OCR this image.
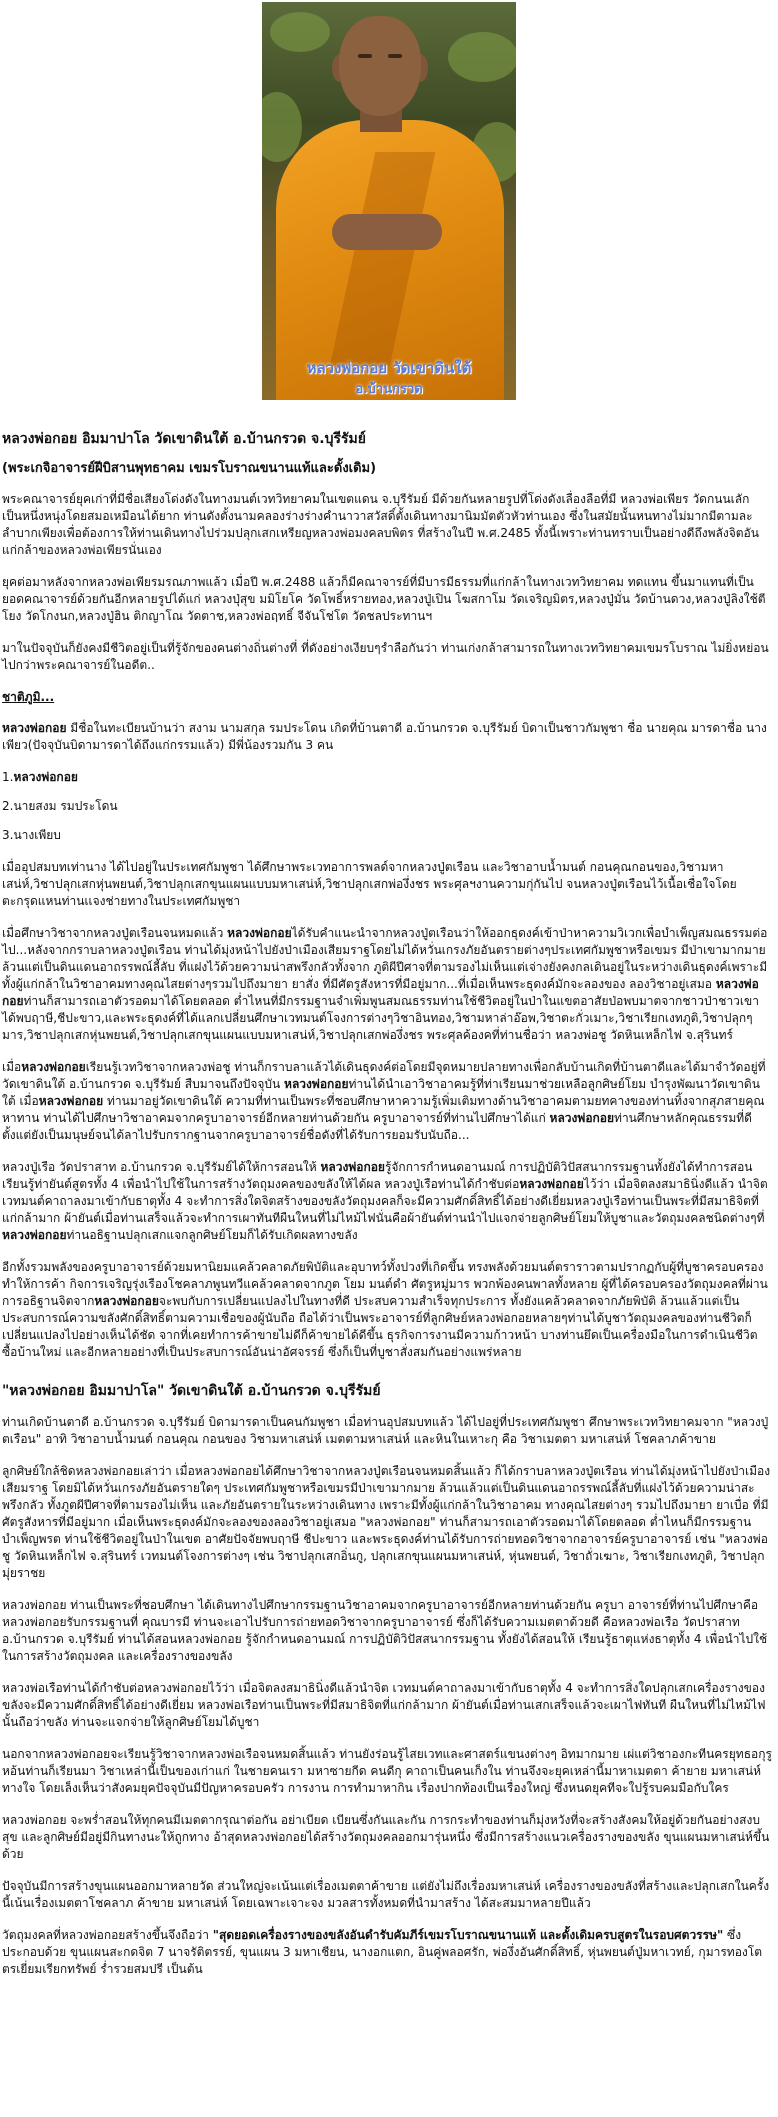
หลวงพ่อกอย วัดเขาดินใต้
อ.บ้านกรวด
หลวงพ่อกอย อิมมาปาโล วัดเขาดินใต้ อ.บ้านกรวด จ.บุรีรัมย์
(พระเกจิอาจารย์ฝีบิสานพุทธาคม เขมรโบราณขนานแท้และดั้งเดิม)

พระคณาจารย์ยุคเก่าที่มีชื่อเสียงโด่งดังในทางมนต์เวทวิทยาคมในเขตแดน จ.บุรีรัมย์ มีด้วยกันหลายรูปที่โด่งดังเลื่องลือที่มี หลวงพ่อเพียร วัดกนนเลัก เป็นหนึ่งหนุ่งโดยสมอเหมือนได้ยาก ท่านดังตั้งนามคลองร่างร่างคำนาวาสวัสดิ์ตั้งเดินทางมานิมมัตตัวหัวท่านเอง ซึ่งในสมัยนั้นหนทางไม่มากมีตามละลำบากเพียงเพื่อต้องการให้ท่านเดินทางไปร่วมปลุกเสกเหรียญหลวงพ่อมงคลบพิตร ที่สร้างในปี พ.ศ.2485 ทั้งนี้เพราะท่านทราบเป็นอย่างดีถึงพลังจิตอันแก่กล้าของหลวงพ่อเพียรนั่นเอง

ยุคต่อมาหลังจากหลวงพ่อเพียรมรณภาพแล้ว เมื่อปี พ.ศ.2488 แล้วก็มีคณาจารย์ที่มีบารมีธรรมที่แก่กล้าในทางเวทวิทยาคม ทดแทน ขึ้นมาแทนที่เป็นยอดคณาจารย์ด้วยกันอีกหลายรูปได้แก่ หลวงปุ่สุข มมิโยโค วัดโพธิ์หรายทอง,หลวงปู่เปิน โฆสกาโม วัดเจริญมิตร,หลวงปู่มั่น วัดบ้านดวง,หลวงปู่ลิงใช้ตีโยง วัดโกงนก,หลวงปู่ฮิน ติกญาโณ วัดตาช,หลวงพ่อฤทธิ์ จีจันโช่โต วัดชลประทานฯ

มาในปัจจุบันก็ยังคงมีชีวิตอยู่เป็นที่รู้จักของคนต่างถิ่นต่างที่ ที่ดังอย่างเงียบๆรำลือกันว่า ท่านเก่งกล้าสามารถในทางเวทวิทยาคมเขมรโบราณ ไม่ยิ่งหย่อนไปกว่าพระคณาจารย์ในอดีต..

ชาติภูมิ...

หลวงพ่อกอย มีชื่อในทะเบียนบ้านว่า สงาม นามสกุล รมประโดน เกิดที่บ้านตาดี อ.บ้านกรวด จ.บุรีรัมย์ บิดาเป็นชาวกัมพูชา ชื่อ นายคุณ มารดาชื่อ นางเพียว(ปัจจุบันบิดามารดาได้ถึงแก่กรรมแล้ว) มีพี่น้องรวมกัน 3 คน

1.หลวงพ่อกอย
2.นายสงม รมประโดน
3.นางเพียบ

เมื่ออุปสมบทเท่านาง ได้ไปอยู่ในประเทศกัมพูชา ได้ศึกษาพระเวทอาการพลด์จากหลวงปู่ตเรือน และวิชาอาบน้ำมนต์ กอนคุณกอนของ,วิชามหาเสน่ห์,วิชาปลุกเสกหุ่นพยนต์,วิชาปลุกเสกขุนแผนแบบมหาเสน่ห์,วิชาปลุกเสกพ่องึ่งชร พระศุลฯงานความกุ่กันไป จนหลวงปู่ตเรือนไว้เนื้อเชื่อใจโดยตะกรุดแหนท่านเเจงช่ายทางในประเทศกัมพูชา

เมื่อศึกษาวิชาจากหลวงปู่ตเรือนจนหมดแล้ว หลวงพ่อกอยได้รับคำแนะนำจากหลวงปู่ตเรือนว่าให้ออกธุดงค์เข้าป่าหาความวิเวกเพื่อบำเพ็ญสมณธรรมต่อไป...หลังจากกราบลาหลวงปู่ตเรือน ท่านได้มุ่งหน้าไปยังป่าเมืองเสียมราฐโดยไม่ได้หวั่นเกรงภัยอันตรายต่างๆประเทศกัมพูชาหรือเขมร มีป่าเขามากมายล้วนแต่เป็นดินแดนอาถรรพณ์ลี้ลับ ที่แฝงไว้ด้วยความน่าสพรึงกลัวทั้งจาก ภูติผีปีศาจที่ตามรองไม่เห็นแต่เจ่างยังคงกลเดินอยู่ในระหว่างเดินธุดงค์เพราะมีทั้งผู้แก่กล้าในวิชาอาคมทางคุณไสยต่างๆรวมไปถึงมายา ยาสั่ง ที่มีศัตรูสังหารที่มีอยู่มาก...ที่เมื่อเห็นพระธุดงค์มักจะลองของ ลองวิชาอยู่เสมอ หลวงพ่อกอยท่านก็สามารถเอาตัวรอดมาได้โดยตลอด ต่ำไหนที่มีกรรมฐานจำเพิ่มพูนสมณธรรมท่านใช้ชีวิตอยู่ในป่าในแขตอาสัยป่อพบมาตจากชาวป่าชาวเขาได้พบฤาษี,ชีปะขาว,และพระธุดงค์ที่ได้แลกเปลี่ยนศึกษาเวทมนต์โจงการต่างๆวิชาอินทอง,วิชามหาล่าอ๊อพ,วิชาตะกั่วเมาะ,วิชาเรียกเงทภูติ,วิชาปลุกๆมาร,วิชาปลุกเสกหุ่นพยนต์,วิชาปลุกเสกขุนแผนแบบมหาเสน่ห์,วิชาปลุกเสกพ่องึ่งชร พระศุลค้องคที่ท่านชื่อว่า หลวงพ่อชู วัดหินเหล็กไฟ จ.สุรินทร์

เมื่อหลวงพ่อกอยเรียนรู้เวทวิชาจากหลวงพ่อชู ท่านก็กราบลาแล้วได้เดินธุดงค์ต่อโดยมีจุดหมายปลายทางเพื่อกลับบ้านเกิดที่บ้านตาดีและได้มาจำวัดอยู่ที่วัดเขาดินใต้ อ.บ้านกรวด จ.บุรีรัมย์ สืบมาจนถึงปัจจุบัน หลวงพ่อกอยท่านได้นำเอาวิชาอาคมรู้ที่ท่าเรียนมาช่วยเหลือลูกศิษย์โยม บำรุงพัฒนาวัดเขาดินใต้ เมื่อหลวงพ่อกอย ท่านมาอยู่วัดเขาดินใต้ ความที่ท่านเป็นพระที่ชอบศึกษาหาความรู้เพิ่มเติมทางด้านวิชาอาคมตามยทคางของท่านทิ้งจากสุภสายคุณหาทาน ท่านได้ไปศึกษาวิชาอาคมจากครูบาอาจารย์อีกหลายท่านด้วยกัน ครูบาอาจารย์ที่ท่านไปศึกษาได้แก่ หลวงพ่อกอยท่านศึกษาหลักคุณธรรมที่ดีตั้งแต่ยังเป็นมนุษย์จนได้ลาไปรับกรากฐานจากครูบาอาจารย์ชื่อดังที่ได้รับการยอมรับนับถือ...

หลวงปู่เรือ วัดปราสาท อ.บ้านกรวด จ.บุรีรัมย์ได้ให้การสอนให้ หลวงพ่อกอยรู้จักการกำหนดอานมณ์ การปฏิบัติวิปัสสนากรรมฐานทั้งยังได้ทำการสอนเรียนรู้ท่ายันต์สูตรทั้ง 4 เพื่อนำไปใช้ในการสร้างวัตถุมงคลของขลังให้ได้ผล หลวงปู่เรือท่านได้กำชับต่อหลวงพ่อกอยไว้ว่า เมื่อจิตลงสมาธินิ่งดีแล้ว นำจิตเวทมนต์คาถาลงมาเข้ากับธาตุทั้ง 4 จะทำการสิ่งใดจิตสร้างของขลังวัตถุมงคลก็จะมีความศักดิ์สิทธิ์ได้อย่างดีเยี่ยมหลวงปู่เรือท่านเป็นพระที่มีสมาธิจิตที่แก่กล้ามาก ผ้ายันต์เมื่อท่านเสร็จแล้วจะทำการเผาทันทีผืนใหนที่ไม่ไหม้ไฟนั่นคือผ้ายันต์ท่านนำไปแจกจ่ายลูกศิษย์โยมให้บูชาและวัตถุมงคลชนิดต่างๆที่หลวงพ่อกอยท่านอธิฐานปลุกเสกแจกลูกศิษย์โยมก็ได้รับเกิดผลทางขลัง

อีกทั้งรวมพลังของครูบาอาจารย์ด้วยมหานิยมแคล้วคลาดภัยพิบัติและอุบาทว์ทั้งปวงที่เกิดขึ้น ทรงพลังด้วยมนต์ตราราวตามปรากฏกับผู้ที่บูชาครอบครองทำให้การค้า กิจการเจริญรุ่งเรืองโชคลาภพูนทวีแคล้วคลาดจากภูต โยม มนต์ดำ ศัตรูหมู่มาร พวกพ้องคนพาลทั้งหลาย ผู้ที่ได้ครอบครองวัตถุมงคลที่ผ่านการอธิฐานจิตจากหลวงพ่อกอยจะพบกับการเปลี่ยนแปลงไปในทางที่ดี ประสบความสำเร็จทุกประการ ทั้งยังแคล้วคลาดจากภัยพิบัติ ล้วนแล้วแต่เป็นประสบการณ์ความขลังศักดิ์สิทธิ์ตามความเชื่อของผู้นับถือ ถือได้ว่าเป็นพระอาจารย์ที่ลูกศิษย์หลวงพ่อกอยหลายๆท่านได้บูชาวัตถุมงคลของท่านชีวิตก็เปลี่ยนแปลงไปอย่างเห็นได้ชัด จากที่เคยทำการค้าขายไม่ดีก็ค้าขายได้ดีขึ้น ธุรกิจการงานมีความก้าวหน้า บางท่านยึดเป็นเครื่องมือในการดำเนินชีวิต ซื้อบ้านใหม่ และอีกหลายอย่างที่เป็นประสบการณ์อันน่าอัศจรรย์ ซึ่งก็เป็นที่บูชาสั่งสมกันอย่างแพร่หลาย

"หลวงพ่อกอย อิมมาปาโล" วัดเขาดินใต้ อ.บ้านกรวด จ.บุรีรัมย์

ท่านเกิดบ้านตาดี อ.บ้านกรวด จ.บุรีรัมย์ บิดามารดาเป็นคนกัมพูชา เมื่อท่านอุปสมบทแล้ว ได้ไปอยู่ที่ประเทศกัมพูชา ศึกษาพระเวทวิทยาคมจาก "หลวงปู่ตเรือน" อาทิ วิชาอาบน้ำมนต์ กอนคุณ กอนของ วิชามหาเสน่ห์ เมตตามหาเสน่ห์ และหินในเหาะกุ คือ วิชาเมตตา มหาเสน่ห์ โชคลาภค้าขาย

ลูกศิษย์ใกล้ชิดหลวงพ่อกอยเล่าว่า เมื่อหลวงพ่อกอยได้ศึกษาวิชาจากหลวงปู่ตเรือนจนหมดสิ้นแล้ว ก็ได้กราบลาหลวงปู่ตเรือน ท่านได้มุ่งหน้าไปยังป่าเมืองเสียมราฐ โดยมิได้หวั่นเกรงภัยอันตรายใดๆ ประเทศกัมพูชาหรือเขมรมีป่าเขามากมาย ล้วนแล้วแต่เป็นดินแดนอาถรรพณ์ลี้ลับที่แฝงไว้ด้วยความน่าสะพรึงกลัว ทั้งภูตผีปีศาจที่ตามรองไม่เห็น และภัยอันตรายในระหว่างเดินทาง เพราะมีทั้งผู้แก่กล้าในวิชาอาคม ทางคุณไสยต่างๆ รวมไปถึงมายา ยาเบื่อ ที่มีศัตรูสังหารที่มีอยู่มาก เมื่อเห็นพระธุดงค์มักจะลองของลองวิชาอยู่เสมอ "หลวงพ่อกอย" ท่านก็สามารถเอาตัวรอดมาได้โดยตลอด ต่ำไหนก็มีกรรมฐานบำเพ็ญพรต ท่านใช้ชีวิตอยู่ในป่าในเขต อาศัยปัจจัยพบฤาษี ชีปะขาว และพระธุดงค์ท่านได้รับการถ่ายทอดวิชาจากอาจารย์ครูบาอาจารย์ เช่น "หลวงพ่อชู วัดหินเหล็กไฟ จ.สุรินทร์ เวทมนต์โจงการต่างๆ เช่น วิชาปลุกเสกอิ่นกู, ปลุกเสกขุนแผนมหาเสน่ห์, หุ่นพยนต์, วิชาถั่วเฆาะ, วิชาเรียกเงทภูติ, วิชาปลุกมุ่ยราชย

หลวงพ่อกอย ท่านเป็นพระที่ชอบศึกษา ได้เดินทางไปศึกษากรรมฐานวิชาอาคมจากครูบาอาจารย์อีกหลายท่านด้วยกัน ครูบา อาจารย์ที่ท่านไปศึกษาคือ หลวงพ่อกอยรับกรรมฐานที่ คุณบารมี ท่านจะเอาไปรับการถ่ายทอดวิชาจากครูบาอาจารย์ ซึ่งก็ได้รับความเมตตาด้วยดี คือหลวงพ่อเรือ วัดปราสาท อ.บ้านกรวด จ.บุรีรัมย์ ท่านได้สอนหลวงพ่อกอย รู้จักกำหนดอานมณ์ การปฏิบัติวิปัสสนากรรมฐาน ทั้งยังได้สอนให้ เรียนรู้ธาตุแห่งธาตุทั้ง 4 เพื่อนำไปใช้ในการสร้างวัตถุมงคล และเครื่องรางของขลัง

หลวงพ่อเรือท่านได้กำชับต่อหลวงพ่อกอยไว้ว่า เมื่อจิตลงสมาธินิ่งดีแล้วนำจิต เวทมนต์คาถาลงมาเข้ากับธาตุทั้ง 4 จะทำการสิ่งใดปลุกเสกเครื่องรางของขลังจะมีความศักดิ์สิทธิ์ได้อย่างดีเยี่ยม หลวงพ่อเรือท่านเป็นพระที่มีสมาธิจิตที่แก่กล้ามาก ผ้ายันต์เมื่อท่านเสกเสร็จแล้วจะเผาไฟทันที ผืนใหนที่ไม่ไหม้ไฟนั้นถือว่าขลัง ท่านจะแจกจ่ายให้ลูกศิษย์โยมได้บูชา

นอกจากหลวงพ่อกอยจะเรียนรู้วิชาจากหลวงพ่อเรือจนหมดสิ้นแล้ว ท่านยังร่อนรู้ไสยเวทและศาสตร์แขนงต่างๆ อิทมากมาย เผ่แต่วิชาองกะทีนครยุทธอกุรูหอ้นท่านก็เรียนมา วิชาเหล่านี้เป็นของเก่าแก่ ในชายคนเรา มหาซายกีด คนดีกุ คาถาเป็นคนเก็งใน ท่านจึงจะยุคเหล่านี้มาหาเมตตา ค้ายาย มหาเสน่ห์ทางใจ โดยเล็งเห็นว่าสังคมยุคปัจจุบันมีปัญหาครอบครัว การงาน การทำมาหากิน เรื่องปากท้องเป็นเรื่องใหญ่ ซึ่งหนดยุคทีจะใปรู้รบคมมือกับใคร

หลวงพ่อกอย จะพร่ำสอนให้ทุกคนมีเมตตากรุณาต่อกัน อย่าเบียด เบียนซึ่งกันและกัน การกระทำของท่านก็มุ่งหวังที่จะสร้างสังคมให้อยู่ด้วยกันอย่างสงบสุข และลูกศิษย์มีอยู่มีกินทางนะให้ถูกทาง อ้าสุดหลวงพ่อกอยได้สร้างวัตถุมงคลออกมารุ่นหนึ่ง ซึ่งมีการสร้างแนวเครื่องรางของขลัง ขุนแผนมหาเสน่ห์ขึ้นด้วย

ปัจจุบันมีการสร้างขุนแผนออกมาหลายวัด ส่วนใหญ่จะเน้นแต่เรื่องเมตตาค้าขาย แต่ยังไม่ถึงเรื่องมหาเสน่ห์ เครื่องรางของขลังที่สร้างและปลุกเสกในครั้งนี้เน้นเรื่องเมตตาโชคลาภ ค้าขาย มหาเสน่ห์ โดยเฉพาะเจาะจง มวลสารทั้งหมดที่นำมาสร้าง ได้สะสมมาหลายปีแล้ว

วัตถุมงคลที่หลวงพ่อกอยสร้างขึ้นจึงถือว่า "สุดยอดเครื่องรางของขลังอันดำรับคัมภีร์เขมรโบราณขนานแท้ และดั้งเดิมครบสูตรในรอบศตวรรษ" ซึ่งประกอบด้วย ขุนแผนสะกดจิต 7 นาจรัติตรรย์, ขุนแผน 3 มหาเชียน, นางอกแตก, อินคู่พลอศรัก, พ่องึ่งอันศักดิ์สิทธิ์, หุ่นพยนต์ปู่มหาเวทย์, กุมารทองโตตรเยี่ยมเรียกทรัพย์ ร่ำรวยสมปรี เป็นต้น
